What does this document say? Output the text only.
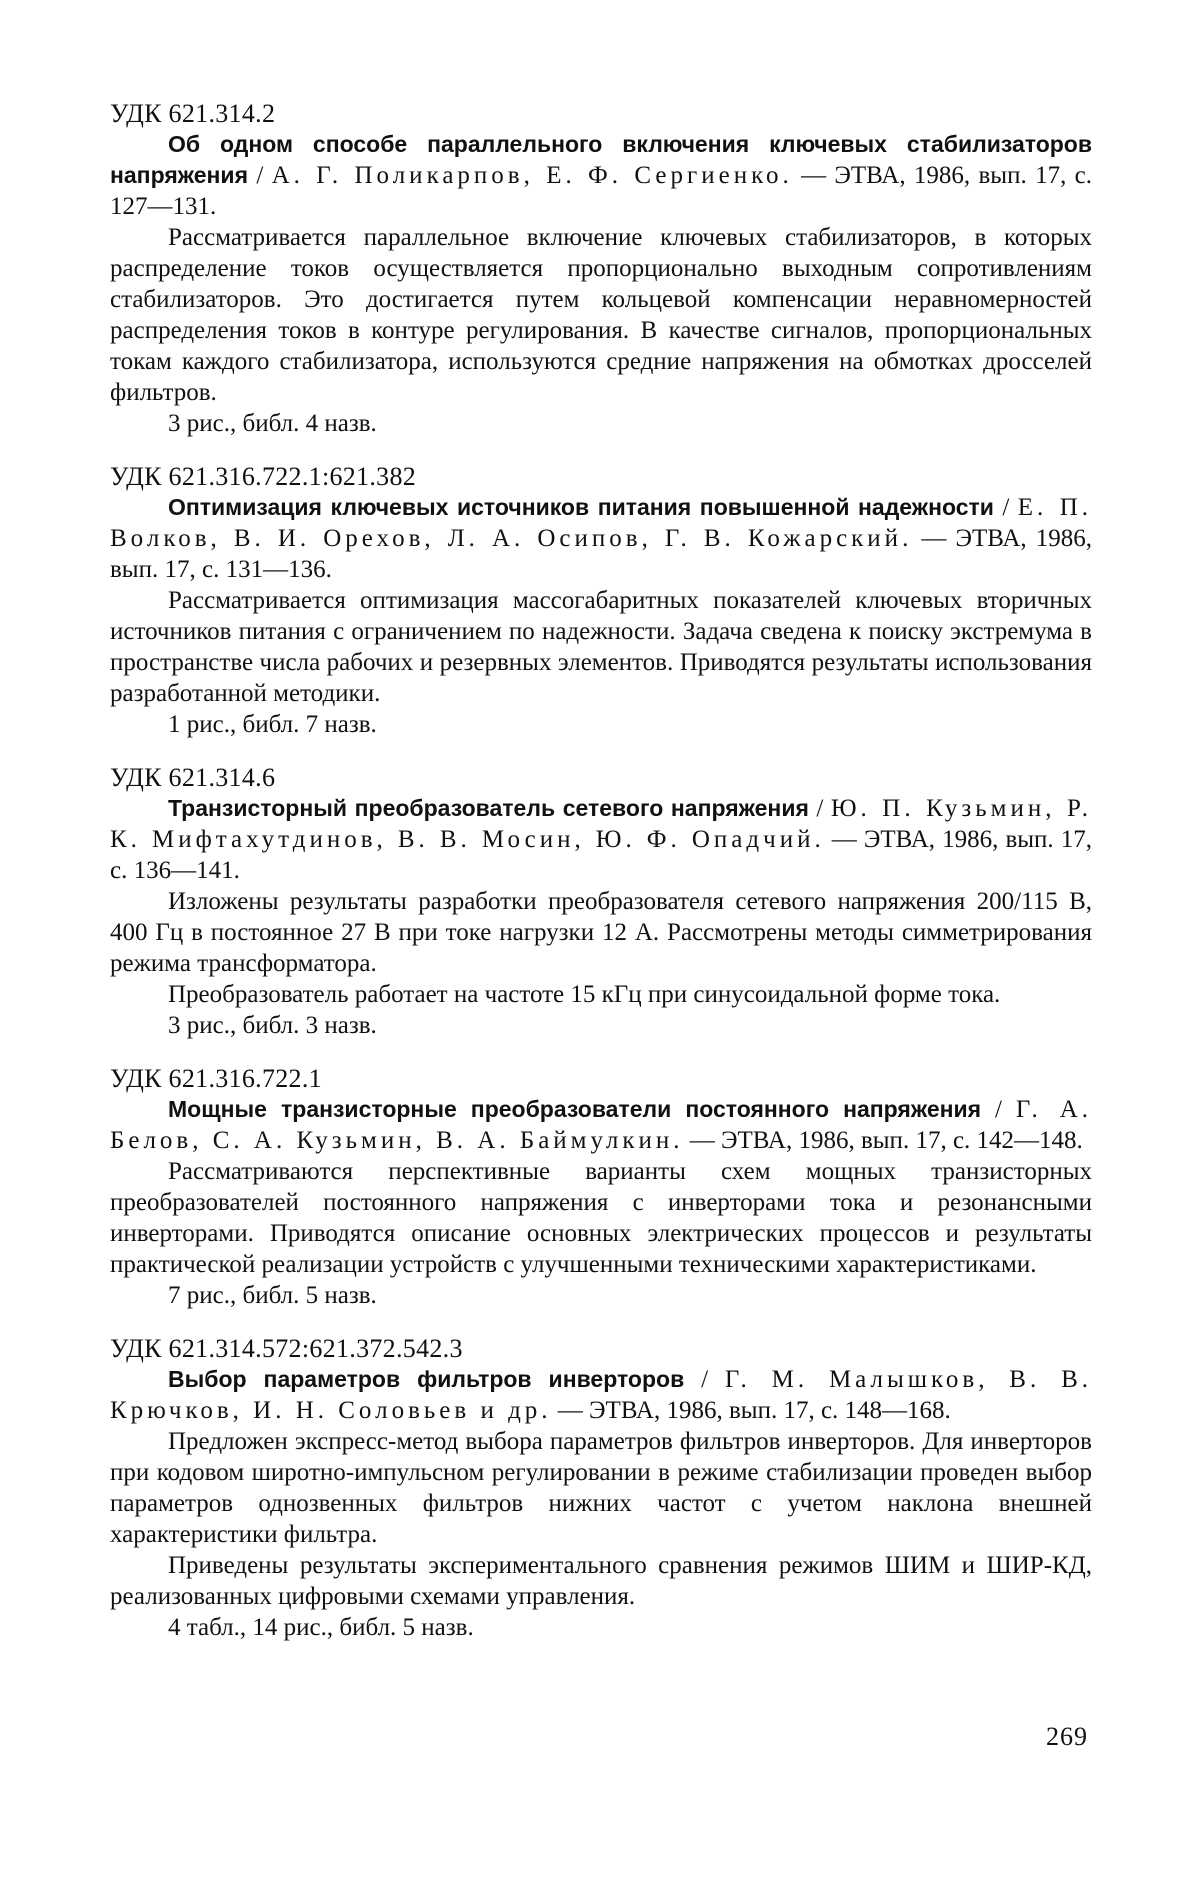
УДК 621.314.2

Об одном способе параллельного включения ключевых стабилизаторов напряжения / А. Г. Поликарпов, Е. Ф. Сергиенко. — ЭТВА, 1986, вып. 17, с. 127—131.

Рассматривается параллельное включение ключевых стабилизаторов, в которых распределение токов осуществляется пропорционально выходным сопротивлениям стабилизаторов. Это достигается путем кольцевой компенсации неравномерностей распределения токов в контуре регулирования. В качестве сигналов, пропорциональных токам каждого стабилизатора, используются средние напряжения на обмотках дросселей фильтров.

3 рис., библ. 4 назв.

УДК 621.316.722.1:621.382

Оптимизация ключевых источников питания повышенной надежности / Е. П. Волков, В. И. Орехов, Л. А. Осипов, Г. В. Кожарский. — ЭТВА, 1986, вып. 17, с. 131—136.

Рассматривается оптимизация массогабаритных показателей ключевых вторичных источников питания с ограничением по надежности. Задача сведена к поиску экстремума в пространстве числа рабочих и резервных элементов. Приводятся результаты использования разработанной методики.

1 рис., библ. 7 назв.

УДК 621.314.6

Транзисторный преобразователь сетевого напряжения / Ю. П. Кузьмин, Р. К. Мифтахутдинов, В. В. Мосин, Ю. Ф. Опадчий. — ЭТВА, 1986, вып. 17, с. 136—141.

Изложены результаты разработки преобразователя сетевого напряжения 200/115 В, 400 Гц в постоянное 27 В при токе нагрузки 12 А. Рассмотрены методы симметрирования режима трансформатора.

Преобразователь работает на частоте 15 кГц при синусоидальной форме тока.

3 рис., библ. 3 назв.

УДК 621.316.722.1

Мощные транзисторные преобразователи постоянного напряжения / Г. А. Белов, С. А. Кузьмин, В. А. Баймулкин. — ЭТВА, 1986, вып. 17, с. 142—148.

Рассматриваются перспективные варианты схем мощных транзисторных преобразователей постоянного напряжения с инверторами тока и резонансными инверторами. Приводятся описание основных электрических процессов и результаты практической реализации устройств с улучшенными техническими характеристиками.

7 рис., библ. 5 назв.

УДК 621.314.572:621.372.542.3

Выбор параметров фильтров инверторов / Г. М. Малышков, В. В. Крючков, И. Н. Соловьев и др. — ЭТВА, 1986, вып. 17, с. 148—168.

Предложен экспресс-метод выбора параметров фильтров инверторов. Для инверторов при кодовом широтно-импульсном регулировании в режиме стабилизации проведен выбор параметров однозвенных фильтров нижних частот с учетом наклона внешней характеристики фильтра.

Приведены результаты экспериментального сравнения режимов ШИМ и ШИР-КД, реализованных цифровыми схемами управления.

4 табл., 14 рис., библ. 5 назв.

269
